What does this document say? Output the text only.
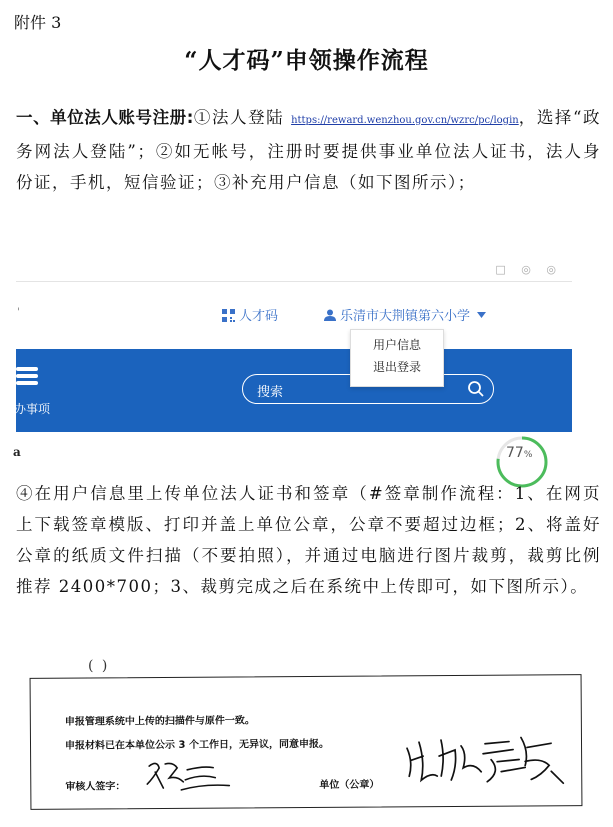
附件 3
“人才码”申领操作流程
一、单位法人账号注册:①法人登陆 https://reward.wenzhou.gov.cn/wzrc/pc/login，选择“政务网法人登陆”；②如无帐号，注册时要提供事业单位法人证书，法人身份证，手机，短信验证；③补充用户信息（如下图所示）；
□ ◎ ◎
'	人才码	乐清市大荆镇第六小学
用户信息
退出登录
办事项
搜索
a	77%
④在用户信息里上传单位法人证书和签章（#签章制作流程：1、在网页上下载签章模版、打印并盖上单位公章，公章不要超过边框；2、将盖好公章的纸质文件扫描（不要拍照），并通过电脑进行图片裁剪，裁剪比例推荐 2400*700；3、裁剪完成之后在系统中上传即可，如下图所示）。
( )
申报管理系统中上传的扫描件与原件一致。
申报材料已在本单位公示 3 个工作日，无异议，同意申报。
审核人签字：	单位（公章）
